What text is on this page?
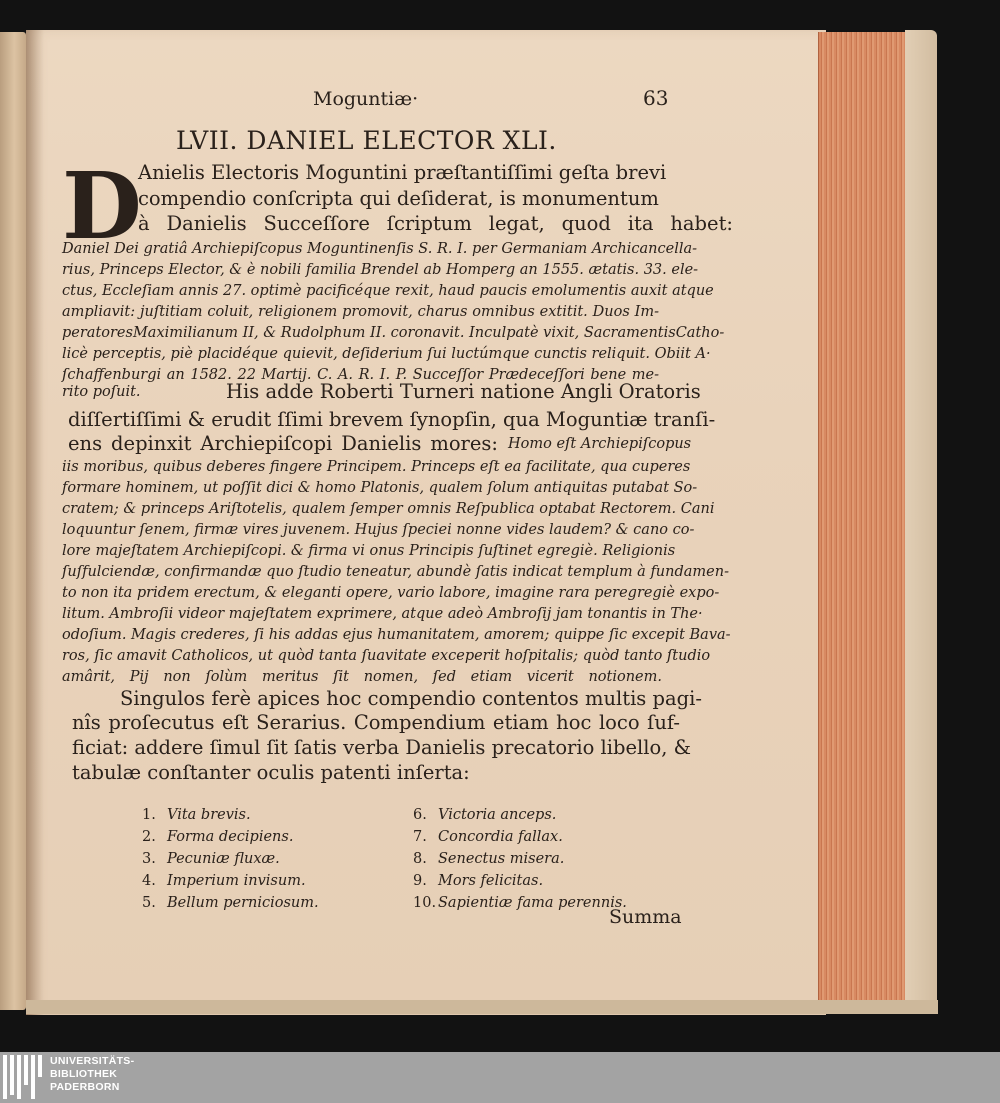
Moguntiæ·	63
LVII. DANIEL ELECTOR XLI.
D
Anielis Electoris Moguntini præſtantiſſimi geſta brevi
compendio conſcripta qui deſiderat, is monumentum
à Danielis Succeſſore ſcriptum legat, quod ita habet:
Daniel Dei gratiâ Archiepiſcopus Moguntinenſis S. R. I. per Germaniam Archicancella-
rius, Princeps Elector, & è nobili familia Brendel ab Homperg an 1555. ætatis. 33. ele-
ctus, Eccleſiam annis 27. optimè pacificéque rexit, haud paucis emolumentis auxit atque
ampliavit: juſtitiam coluit, religionem promovit, charus omnibus extitit. Duos Im-
peratoresMaximilianum II, & Rudolphum II. coronavit. Inculpatè vixit, SacramentisCatho-
licè perceptis, piè placidéque quievit, deſiderium ſui luctúmque cunctis reliquit. Obiit A·
ſchaffenburgi an 1582. 22 Martij. C. A. R. I. P. Succeſſor Prædeceſſori bene me-
rito poſuit.	His adde Roberti Turneri natione Angli Oratoris
diſſertiſſimi & erudit ſſimi brevem ſynopſin, qua Moguntiæ tranſi-
ens depinxit Archiepiſcopi Danielis mores: Homo eſt Archiepiſcopus
iis moribus, quibus deberes fingere Principem. Princeps eſt ea facilitate, qua cuperes
formare hominem, ut poſſit dici & homo Platonis, qualem ſolum antiquitas putabat So-
cratem; & princeps Ariſtotelis, qualem ſemper omnis Reſpublica optabat Rectorem. Cani
loquuntur ſenem, firmæ vires juvenem. Hujus ſpeciei nonne vides laudem? & cano co-
lore majeſtatem Archiepiſcopi. & firma vi onus Principis ſuſtinet egregiè. Religionis
ſuſfulciendæ, confirmandæ quo ſtudio teneatur, abundè ſatis indicat templum à fundamen-
to non ita pridem erectum, & eleganti opere, vario labore, imagine rara peregregiè expo-
litum. Ambroſii videor majeſtatem exprimere, atque adeò Ambroſij jam tonantis in The·
odoſium. Magis crederes, ſi his addas ejus humanitatem, amorem; quippe ſic excepit Bava-
ros, ſic amavit Catholicos, ut quòd tanta ſuavitate exceperit hoſpitalis; quòd tanto ſtudio
amârit, Pij non ſolùm meritus ſit nomen, ſed etiam vicerit notionem.
Singulos ferè apices hoc compendio contentos multis pagi-
nîs proſecutus eſt Serarius. Compendium etiam hoc loco ſuf-
ficiat: addere ſimul ſit ſatis verba Danielis precatorio libello, &
tabulæ conſtanter oculis patenti inſerta:
1. Vita brevis.
2. Forma decipiens.
3. Pecuniæ fluxæ.
4. Imperium invisum.
5. Bellum perniciosum.
6. Victoria anceps.
7. Concordia fallax.
8. Senectus misera.
9. Mors felicitas.
10. Sapientiæ fama perennis.
Summa
UNIVERSITÄTS-
BIBLIOTHEK
PADERBORN
